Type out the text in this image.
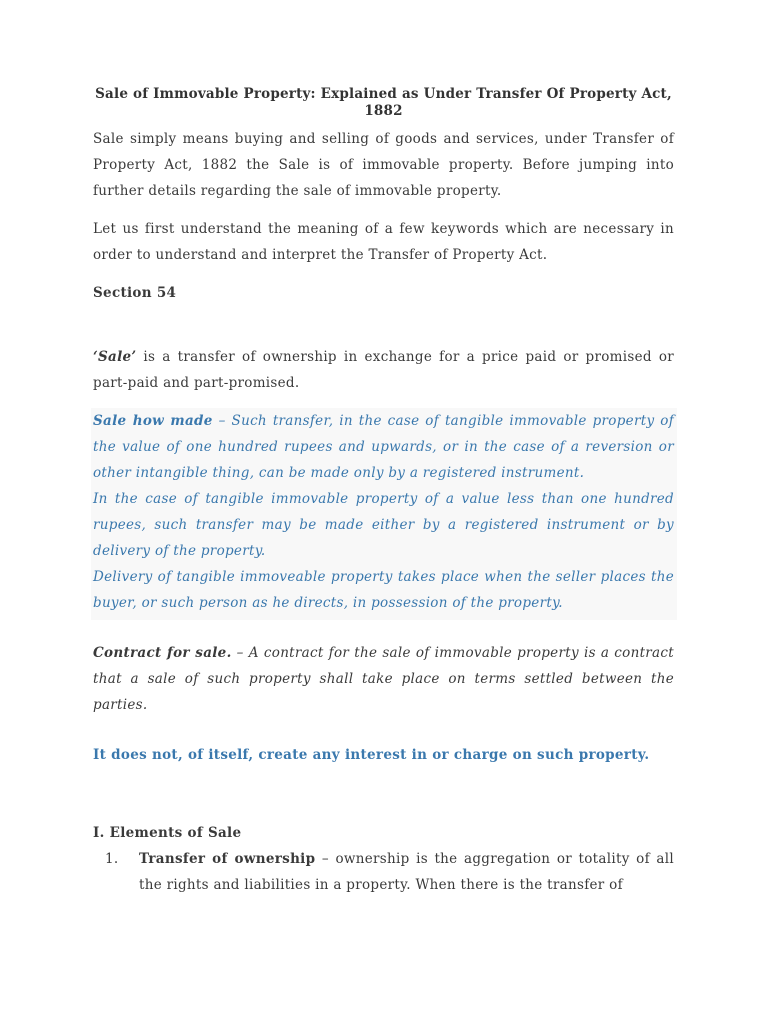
Sale of Immovable Property: Explained as Under Transfer Of Property Act, 1882

Sale simply means buying and selling of goods and services, under Transfer of Property Act, 1882 the Sale is of immovable property. Before jumping into further details regarding the sale of immovable property.

Let us first understand the meaning of a few keywords which are necessary in order to understand and interpret the Transfer of Property Act.

Section 54

‘Sale’ is a transfer of ownership in exchange for a price paid or promised or part-paid and part-promised.

Sale how made – Such transfer, in the case of tangible immovable property of the value of one hundred rupees and upwards, or in the case of a reversion or other intangible thing, can be made only by a registered instrument.

In the case of tangible immovable property of a value less than one hundred rupees, such transfer may be made either by a registered instrument or by delivery of the property.

Delivery of tangible immoveable property takes place when the seller places the buyer, or such person as he directs, in possession of the property.

Contract for sale. – A contract for the sale of immovable property is a contract that a sale of such property shall take place on terms settled between the parties.

It does not, of itself, create any interest in or charge on such property.

I. Elements of Sale

1.	Transfer of ownership – ownership is the aggregation or totality of all the rights and liabilities in a property. When there is the transfer of
